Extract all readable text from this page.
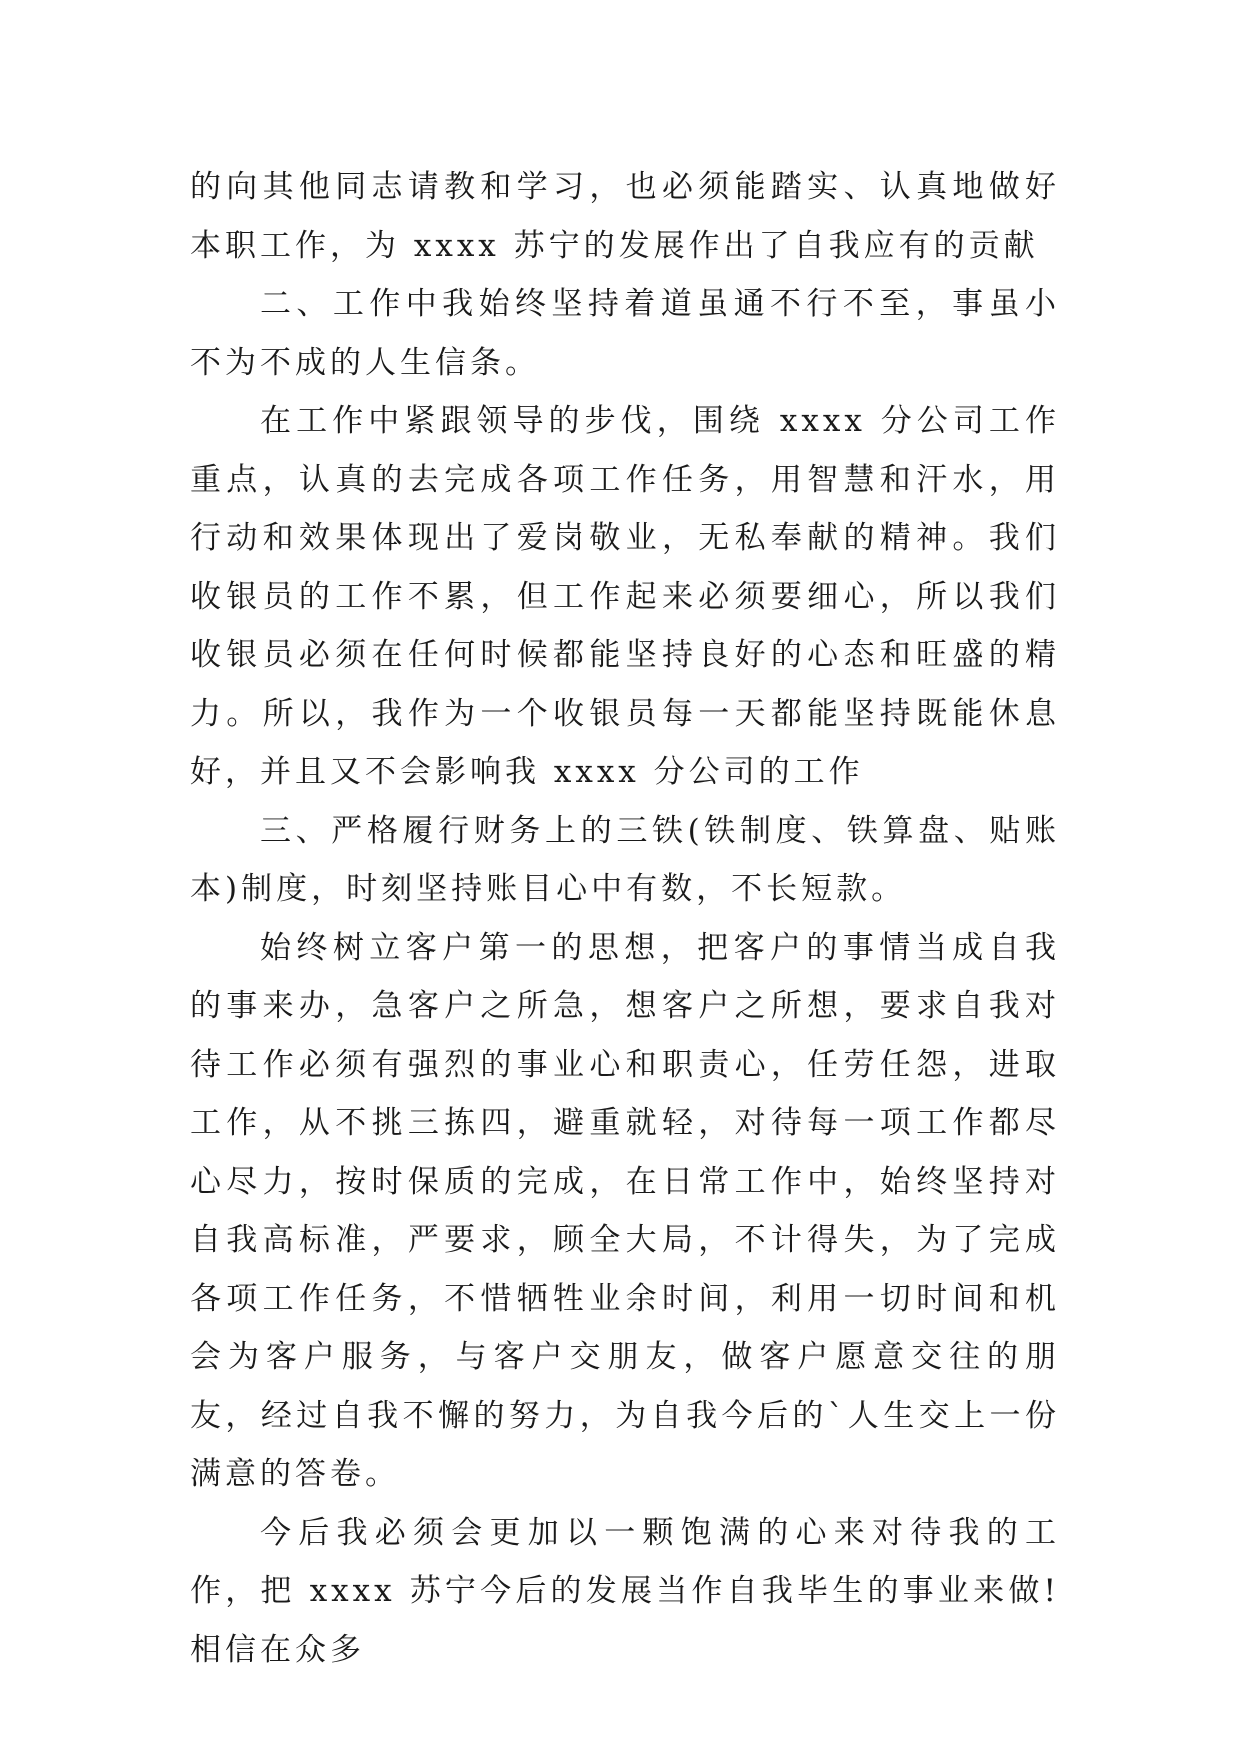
的向其他同志请教和学习，也必须能踏实、认真地做好本职工作，为 xxxx 苏宁的发展作出了自我应有的贡献

二、工作中我始终坚持着道虽通不行不至，事虽小不为不成的人生信条。

在工作中紧跟领导的步伐，围绕 xxxx 分公司工作重点，认真的去完成各项工作任务，用智慧和汗水，用行动和效果体现出了爱岗敬业，无私奉献的精神。我们收银员的工作不累，但工作起来必须要细心，所以我们收银员必须在任何时候都能坚持良好的心态和旺盛的精力。所以，我作为一个收银员每一天都能坚持既能休息好，并且又不会影响我 xxxx 分公司的工作

三、严格履行财务上的三铁(铁制度、铁算盘、贴账本)制度，时刻坚持账目心中有数，不长短款。

始终树立客户第一的思想，把客户的事情当成自我的事来办，急客户之所急，想客户之所想，要求自我对待工作必须有强烈的事业心和职责心，任劳任怨，进取工作，从不挑三拣四，避重就轻，对待每一项工作都尽心尽力，按时保质的完成，在日常工作中，始终坚持对自我高标准，严要求，顾全大局，不计得失，为了完成各项工作任务，不惜牺牲业余时间，利用一切时间和机会为客户服务，与客户交朋友，做客户愿意交往的朋友，经过自我不懈的努力，为自我今后的`人生交上一份满意的答卷。

今后我必须会更加以一颗饱满的心来对待我的工作，把 xxxx 苏宁今后的发展当作自我毕生的事业来做!相信在众多
